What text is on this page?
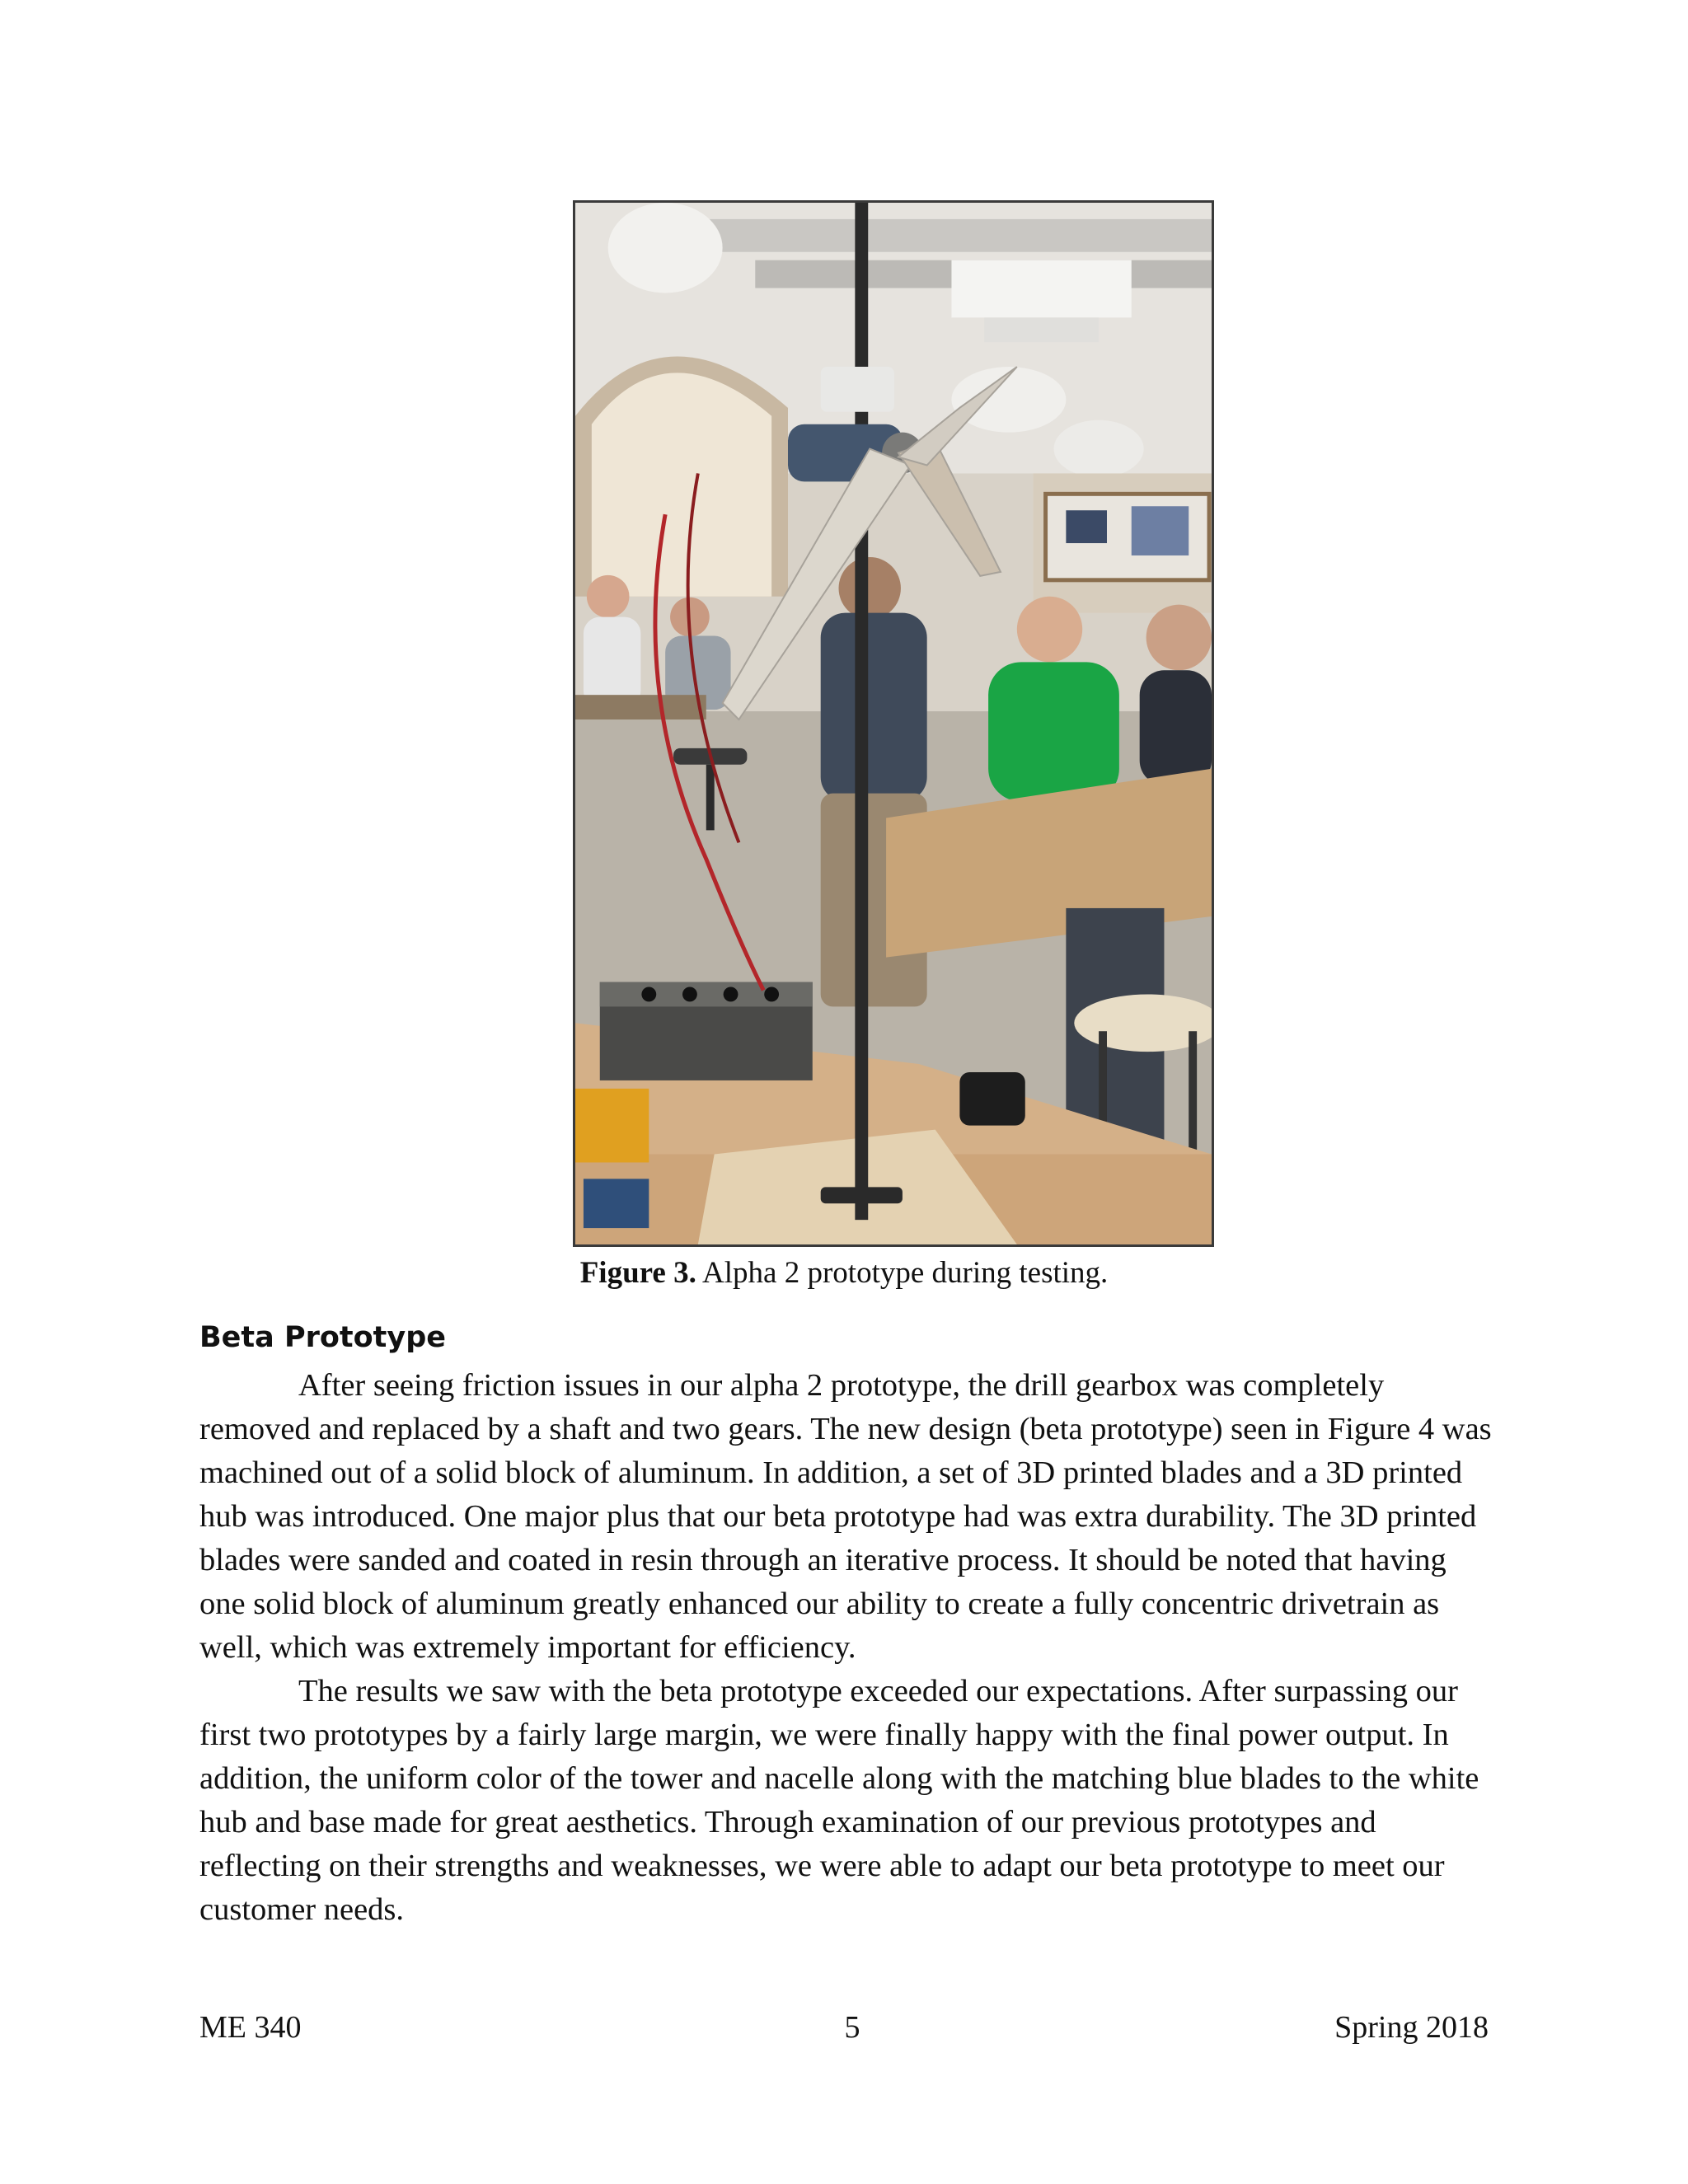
Figure 3. Alpha 2 prototype during testing.
Beta Prototype

After seeing friction issues in our alpha 2 prototype, the drill gearbox was completely removed and replaced by a shaft and two gears. The new design (beta prototype) seen in Figure 4 was machined out of a solid block of aluminum. In addition, a set of 3D printed blades and a 3D printed hub was introduced. One major plus that our beta prototype had was extra durability. The 3D printed blades were sanded and coated in resin through an iterative process. It should be noted that having one solid block of aluminum greatly enhanced our ability to create a fully concentric drivetrain as well, which was extremely important for efficiency.

The results we saw with the beta prototype exceeded our expectations. After surpassing our first two prototypes by a fairly large margin, we were finally happy with the final power output. In addition, the uniform color of the tower and nacelle along with the matching blue blades to the white hub and base made for great aesthetics. Through examination of our previous prototypes and reflecting on their strengths and weaknesses, we were able to adapt our beta prototype to meet our customer needs.

ME 340	5	Spring 2018
